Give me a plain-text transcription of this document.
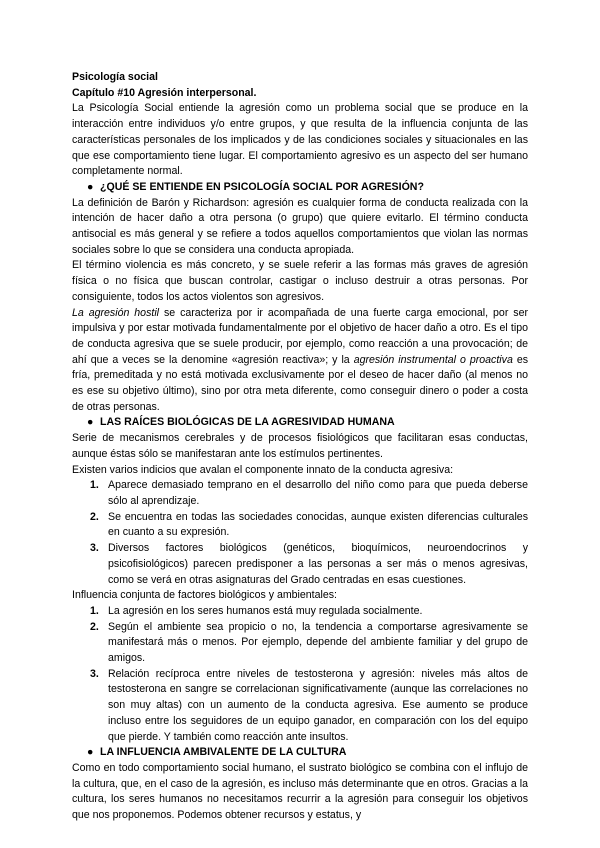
Psicología social
Capítulo #10 Agresión interpersonal.

La Psicología Social entiende la agresión como un problema social que se produce en la interacción entre individuos y/o entre grupos, y que resulta de la influencia conjunta de las características personales de los implicados y de las condiciones sociales y situacionales en las que ese comportamiento tiene lugar. El comportamiento agresivo es un aspecto del ser humano completamente normal.

● ¿QUÉ SE ENTIENDE EN PSICOLOGÍA SOCIAL POR AGRESIÓN?

La definición de Barón y Richardson: agresión es cualquier forma de conducta realizada con la intención de hacer daño a otra persona (o grupo) que quiere evitarlo. El término conducta antisocial es más general y se refiere a todos aquellos comportamientos que violan las normas sociales sobre lo que se considera una conducta apropiada.

El término violencia es más concreto, y se suele referir a las formas más graves de agresión física o no física que buscan controlar, castigar o incluso destruir a otras personas. Por consiguiente, todos los actos violentos son agresivos.

La agresión hostil se caracteriza por ir acompañada de una fuerte carga emocional, por ser impulsiva y por estar motivada fundamentalmente por el objetivo de hacer daño a otro. Es el tipo de conducta agresiva que se suele producir, por ejemplo, como reacción a una provocación; de ahí que a veces se la denomine «agresión reactiva»; y la agresión instrumental o proactiva es fría, premeditada y no está motivada exclusivamente por el deseo de hacer daño (al menos no es ese su objetivo último), sino por otra meta diferente, como conseguir dinero o poder a costa de otras personas.

● LAS RAÍCES BIOLÓGICAS DE LA AGRESIVIDAD HUMANA

Serie de mecanismos cerebrales y de procesos fisiológicos que facilitaran esas conductas, aunque éstas sólo se manifestaran ante los estímulos pertinentes.

Existen varios indicios que avalan el componente innato de la conducta agresiva:

1. Aparece demasiado temprano en el desarrollo del niño como para que pueda deberse sólo al aprendizaje.
2. Se encuentra en todas las sociedades conocidas, aunque existen diferencias culturales en cuanto a su expresión.
3. Diversos factores biológicos (genéticos, bioquímicos, neuroendocrinos y psicofisiológicos) parecen predisponer a las personas a ser más o menos agresivas, como se verá en otras asignaturas del Grado centradas en esas cuestiones.

Influencia conjunta de factores biológicos y ambientales:

1. La agresión en los seres humanos está muy regulada socialmente.
2. Según el ambiente sea propicio o no, la tendencia a comportarse agresivamente se manifestará más o menos. Por ejemplo, depende del ambiente familiar y del grupo de amigos.
3. Relación recíproca entre niveles de testosterona y agresión: niveles más altos de testosterona en sangre se correlacionan significativamente (aunque las correlaciones no son muy altas) con un aumento de la conducta agresiva. Ese aumento se produce incluso entre los seguidores de un equipo ganador, en comparación con los del equipo que pierde. Y también como reacción ante insultos.
● LA INFLUENCIA AMBIVALENTE DE LA CULTURA

Como en todo comportamiento social humano, el sustrato biológico se combina con el influjo de la cultura, que, en el caso de la agresión, es incluso más determinante que en otros. Gracias a la cultura, los seres humanos no necesitamos recurrir a la agresión para conseguir los objetivos que nos proponemos. Podemos obtener recursos y estatus, y
